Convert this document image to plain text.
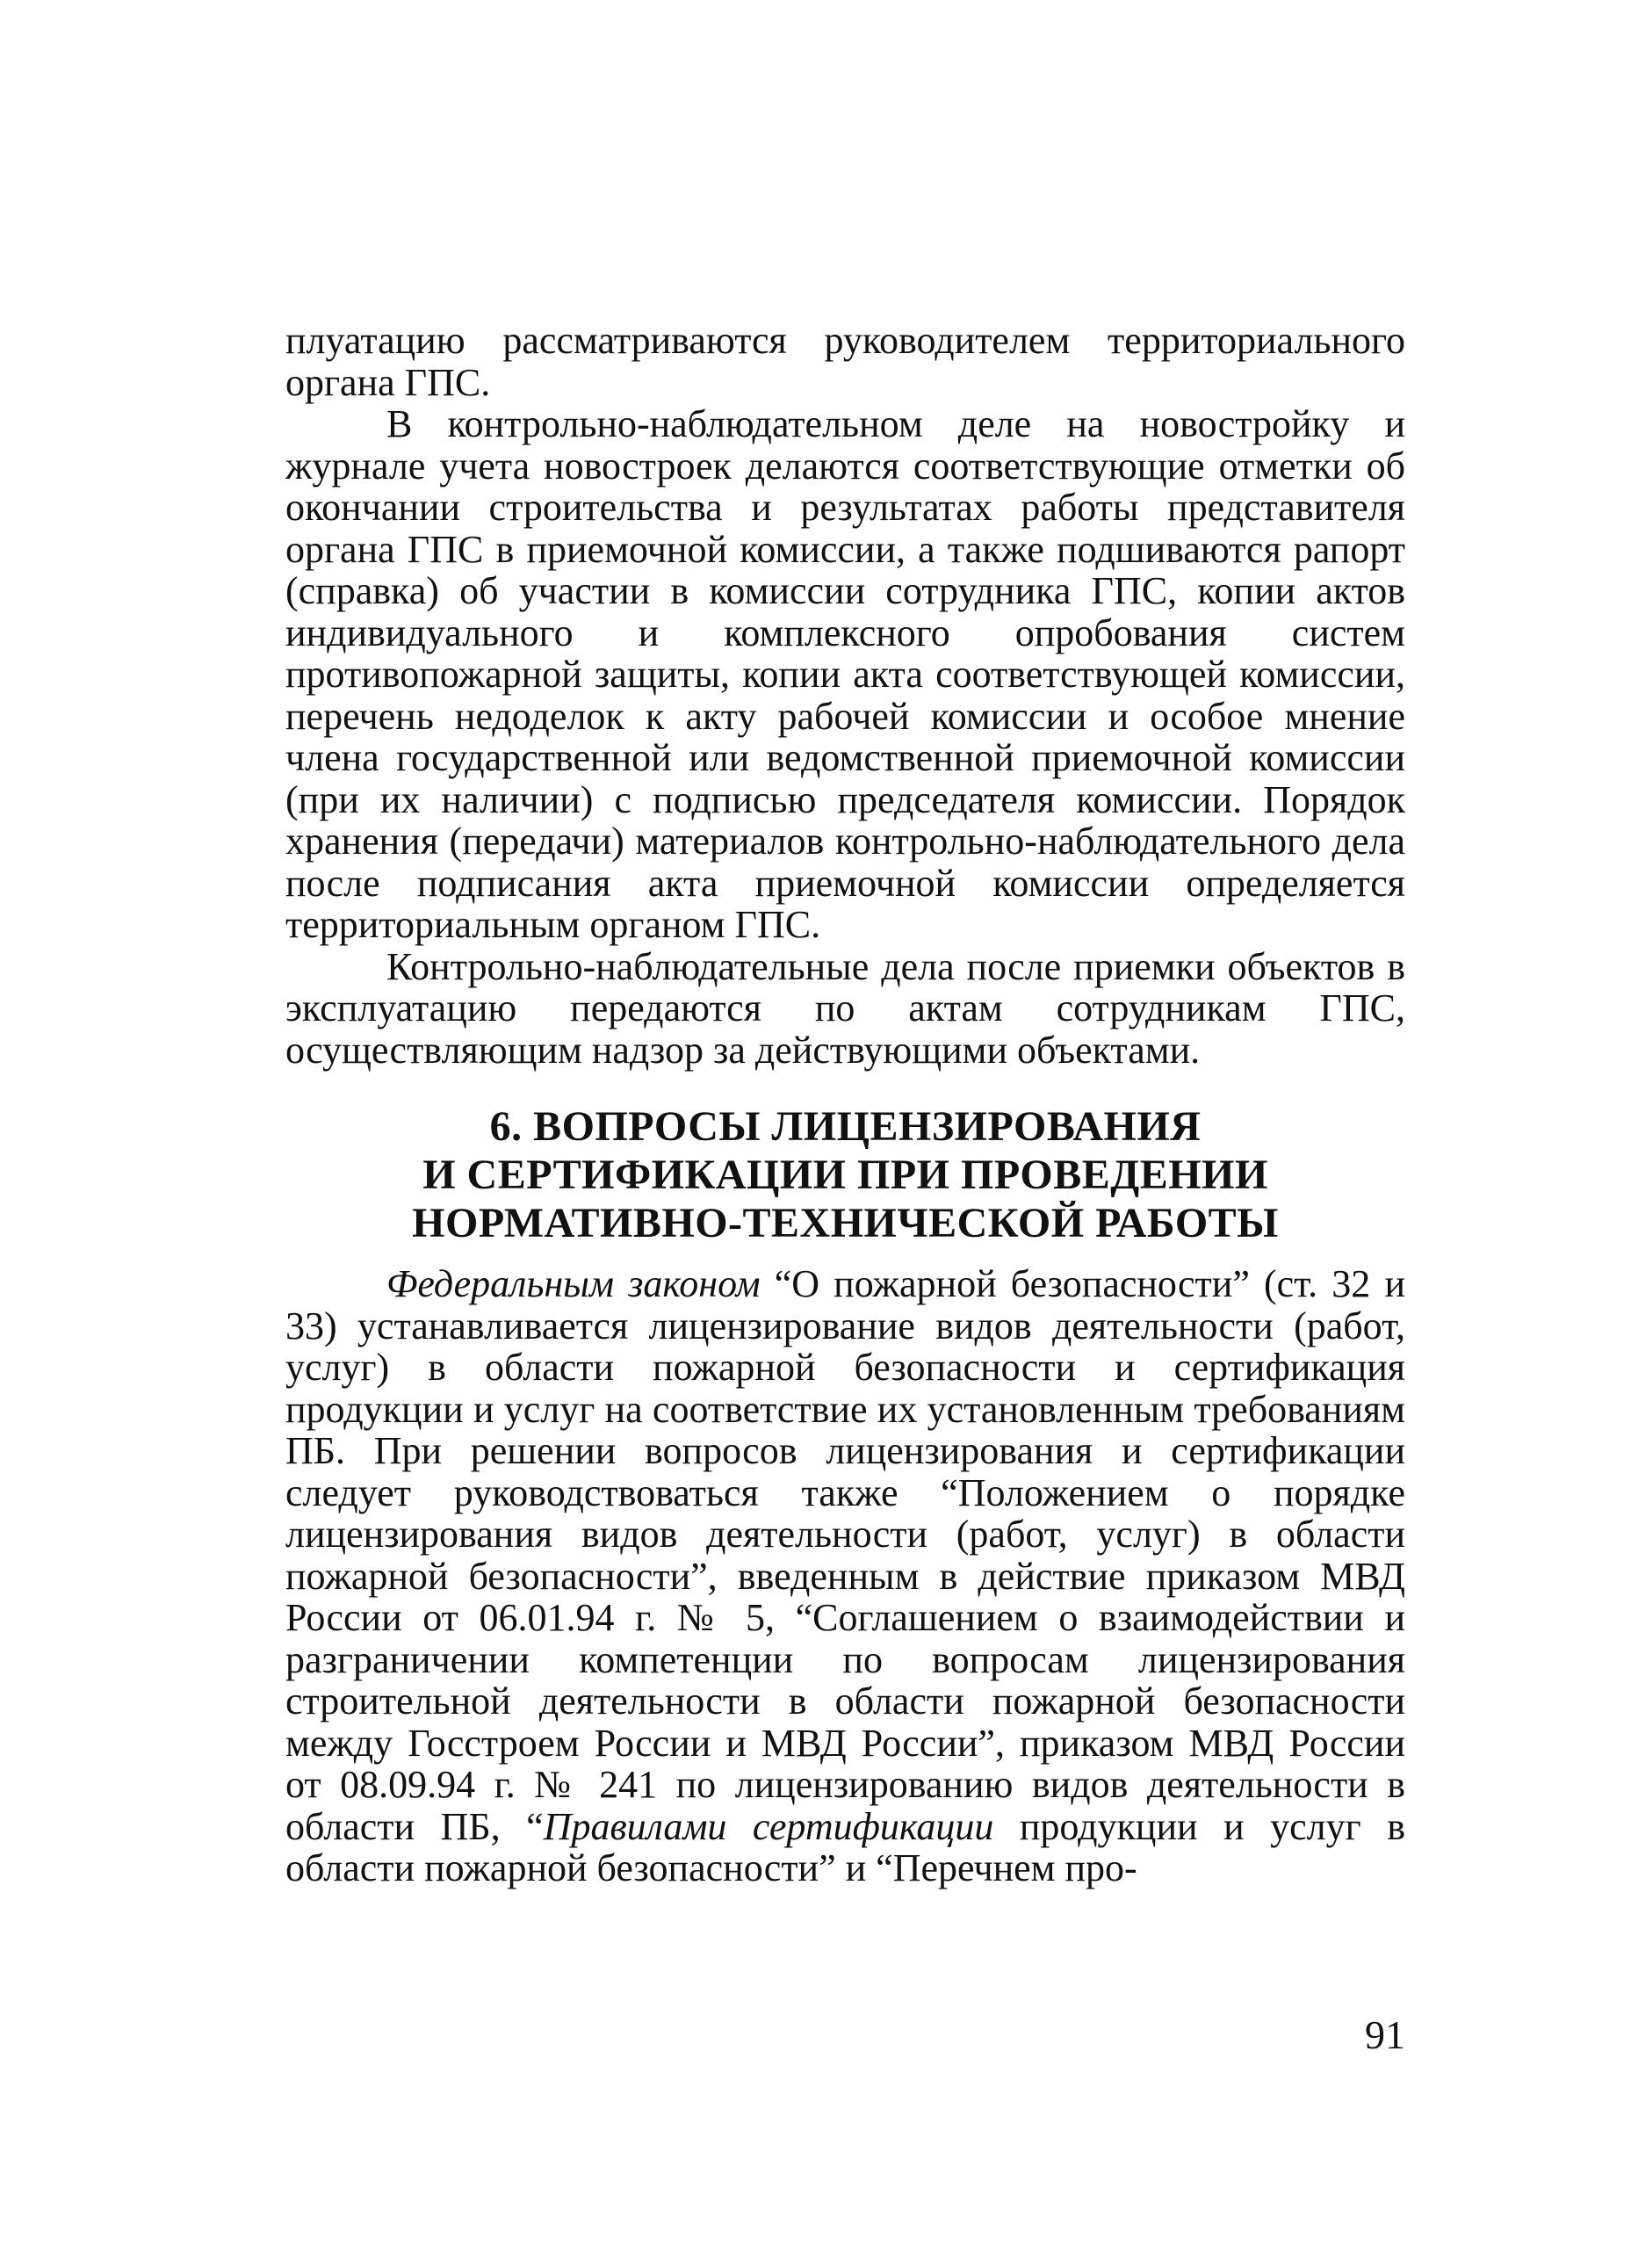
плуатацию рассматриваются руководителем территориального органа ГПС.

В контрольно-наблюдательном деле на новостройку и журнале учета новостроек делаются соответствующие отметки об окончании строительства и результатах работы представителя органа ГПС в приемочной комиссии, а также подшиваются рапорт (справка) об участии в комиссии сотрудника ГПС, копии актов индивидуального и комплексного опробования систем противопожарной защиты, копии акта соответствующей комиссии, перечень недоделок к акту рабочей комиссии и особое мнение члена государственной или ведомственной приемочной комиссии (при их наличии) с подписью председателя комиссии. Порядок хранения (передачи) материалов контрольно-наблюдательного дела после подписания акта приемочной комиссии определяется территориальным органом ГПС.

Контрольно-наблюдательные дела после приемки объектов в эксплуатацию передаются по актам сотрудникам ГПС, осуществляющим надзор за действующими объектами.

6. ВОПРОСЫ ЛИЦЕНЗИРОВАНИЯ
И СЕРТИФИКАЦИИ ПРИ ПРОВЕДЕНИИ
НОРМАТИВНО-ТЕХНИЧЕСКОЙ РАБОТЫ

Федеральным законом “О пожарной безопасности” (ст. 32 и 33) устанавливается лицензирование видов деятельности (работ, услуг) в области пожарной безопасности и сертификация продукции и услуг на соответствие их установленным требованиям ПБ. При решении вопросов лицензирования и сертификации следует руководствоваться также “Положением о порядке лицензирования видов деятельности (работ, услуг) в области пожарной безопасности”, введенным в действие приказом МВД России от 06.01.94 г. № 5, “Соглашением о взаимодействии и разграничении компетенции по вопросам лицензирования строительной деятельности в области пожарной безопасности между Госстроем России и МВД России”, приказом МВД России от 08.09.94 г. № 241 по лицензированию видов деятельности в области ПБ, “Правилами сертификации продукции и услуг в области пожарной безопасности” и “Перечнем про-

91
